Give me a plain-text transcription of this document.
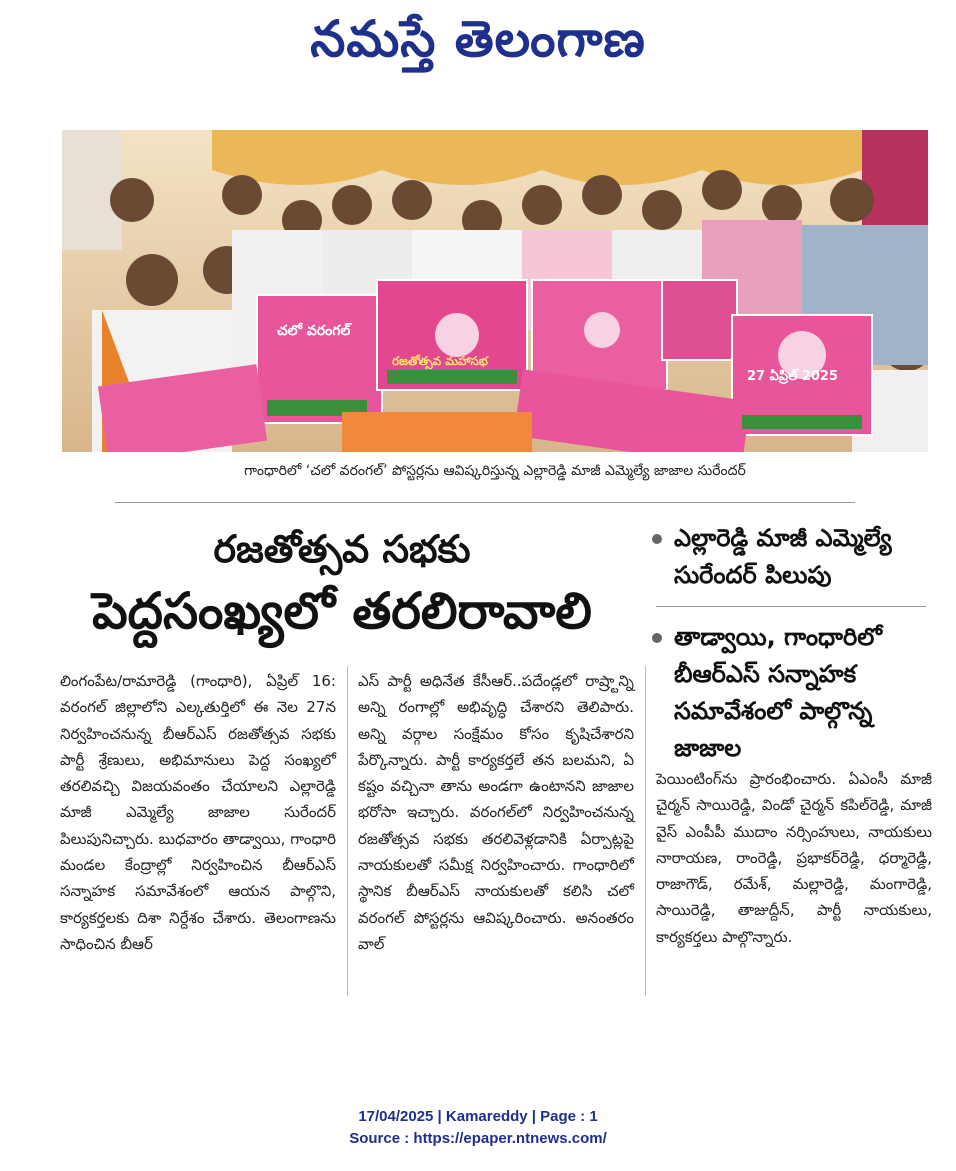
నమస్తే తెలంగాణ
చలో వరంగల్
27 ఏప్రిల్ 2025
రజతోత్సవ మహాసభ
గాంధారిలో ‘చలో వరంగల్’ పోస్టర్లను ఆవిష్కరిస్తున్న ఎల్లారెడ్డి మాజీ ఎమ్మెల్యే జాజాల సురేందర్
రజతోత్సవ సభకు
పెద్దసంఖ్యలో తరలిరావాలి
ఎల్లారెడ్డి మాజీ ఎమ్మెల్యే సురేందర్ పిలుపు
తాడ్వాయి, గాంధారిలో బీఆర్ఎస్ సన్నాహక సమావేశంలో పాల్గొన్న జాజాల
లింగంపేట/రామారెడ్డి (గాంధారి), ఏప్రిల్ 16: వరంగల్ జిల్లాలోని ఎల్కతుర్తిలో ఈ నెల 27న నిర్వహించనున్న బీఆర్ఎస్ రజతోత్సవ సభకు పార్టీ శ్రేణులు, అభిమానులు పెద్ద సంఖ్యలో తరలివచ్చి విజయవంతం చేయాలని ఎల్లారెడ్డి మాజీ ఎమ్మెల్యే జాజాల సురేందర్ పిలుపునిచ్చారు. బుధవారం తాడ్వాయి, గాంధారి మండల కేంద్రాల్లో నిర్వహించిన బీఆర్ఎస్ సన్నాహక సమావేశంలో ఆయన పాల్గొని, కార్యకర్తలకు దిశా నిర్దేశం చేశారు. తెలంగాణను సాధించిన బీఆర్
ఎస్ పార్టీ అధినేత కేసీఆర్..పదేండ్లలో రాష్ర్టాన్ని అన్ని రంగాల్లో అభివృద్ధి చేశారని తెలిపారు. అన్ని వర్గాల సంక్షేమం కోసం కృషిచేశారని పేర్కొన్నారు. పార్టీ కార్యకర్తలే తన బలమని, ఏ కష్టం వచ్చినా తాను అండగా ఉంటానని జాజాల భరోసా ఇచ్చారు. వరంగల్‌లో నిర్వహించనున్న రజతోత్సవ సభకు తరలివెళ్లడానికి ఏర్పాట్లపై నాయకులతో సమీక్ష నిర్వహించారు. గాంధారిలో స్థానిక బీఆర్ఎస్ నాయకులతో కలిసి చలో వరంగల్ పోస్టర్లను ఆవిష్కరించారు. అనంతరం వాల్
పెయింటింగ్‌ను ప్రారంభించారు. ఏఎంసీ మాజీ చైర్మన్ సాయిరెడ్డి, విండో చైర్మన్ కపిల్‌రెడ్డి, మాజీ వైస్ ఎంపీపీ ముదాం నర్సింహులు, నాయకులు నారాయణ, రాంరెడ్డి, ప్రభాకర్‌రెడ్డి, ధర్మారెడ్డి, రాజాగౌడ్, రమేశ్, మల్లారెడ్డి, మంగారెడ్డి, సాయిరెడ్డి, తాజుద్దీన్, పార్టీ నాయకులు, కార్యకర్తలు పాల్గొన్నారు.
17/04/2025 | Kamareddy | Page : 1
Source : https://epaper.ntnews.com/
